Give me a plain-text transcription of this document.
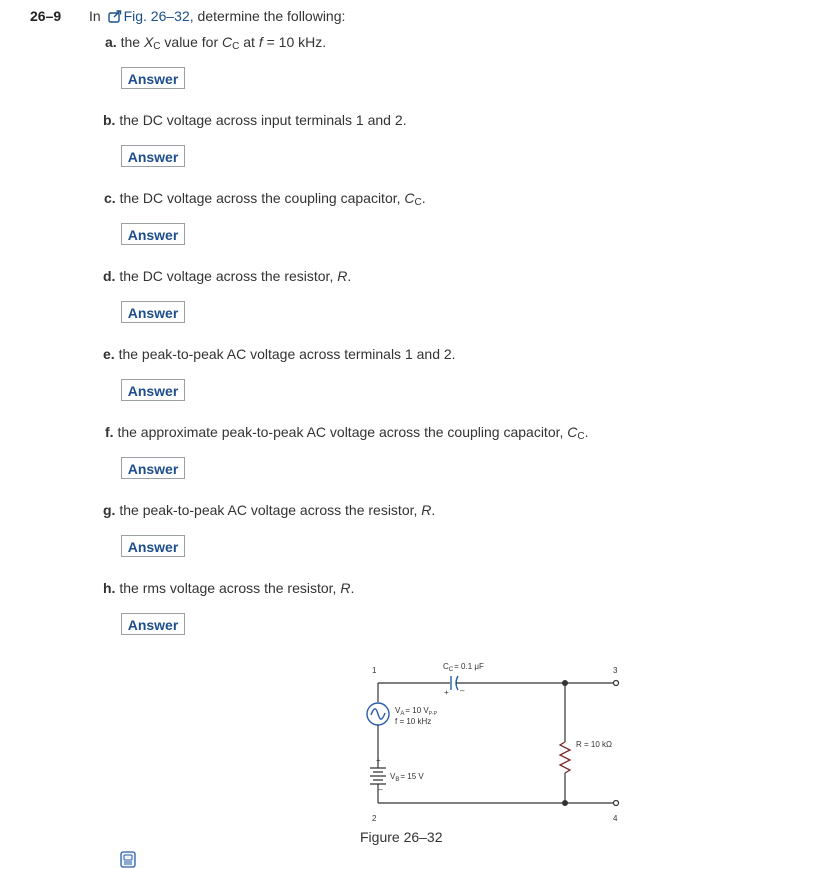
26–9 In Fig. 26–32, determine the following:
a. the $X_C$ value for $C_C$ at f = 10 kHz.
Answer
b. the DC voltage across input terminals 1 and 2.
Answer
c. the DC voltage across the coupling capacitor, $C_C$.
Answer
d. the DC voltage across the resistor, R.
Answer
e. the peak-to-peak AC voltage across terminals 1 and 2.
Answer
f. the approximate peak-to-peak AC voltage across the coupling capacitor, $C_C$.
Answer
g. the peak-to-peak AC voltage across the resistor, R.
Answer
h. the rms voltage across the resistor, R.
Answer
1
2
3
4
$C_C= 0.1$ μF
+ –
$V_A= 10$ $V_{P-P}$
f = 10 kHz
+
–
$V_B= 15$ V
R = 10 kΩ
Figure 26–32
